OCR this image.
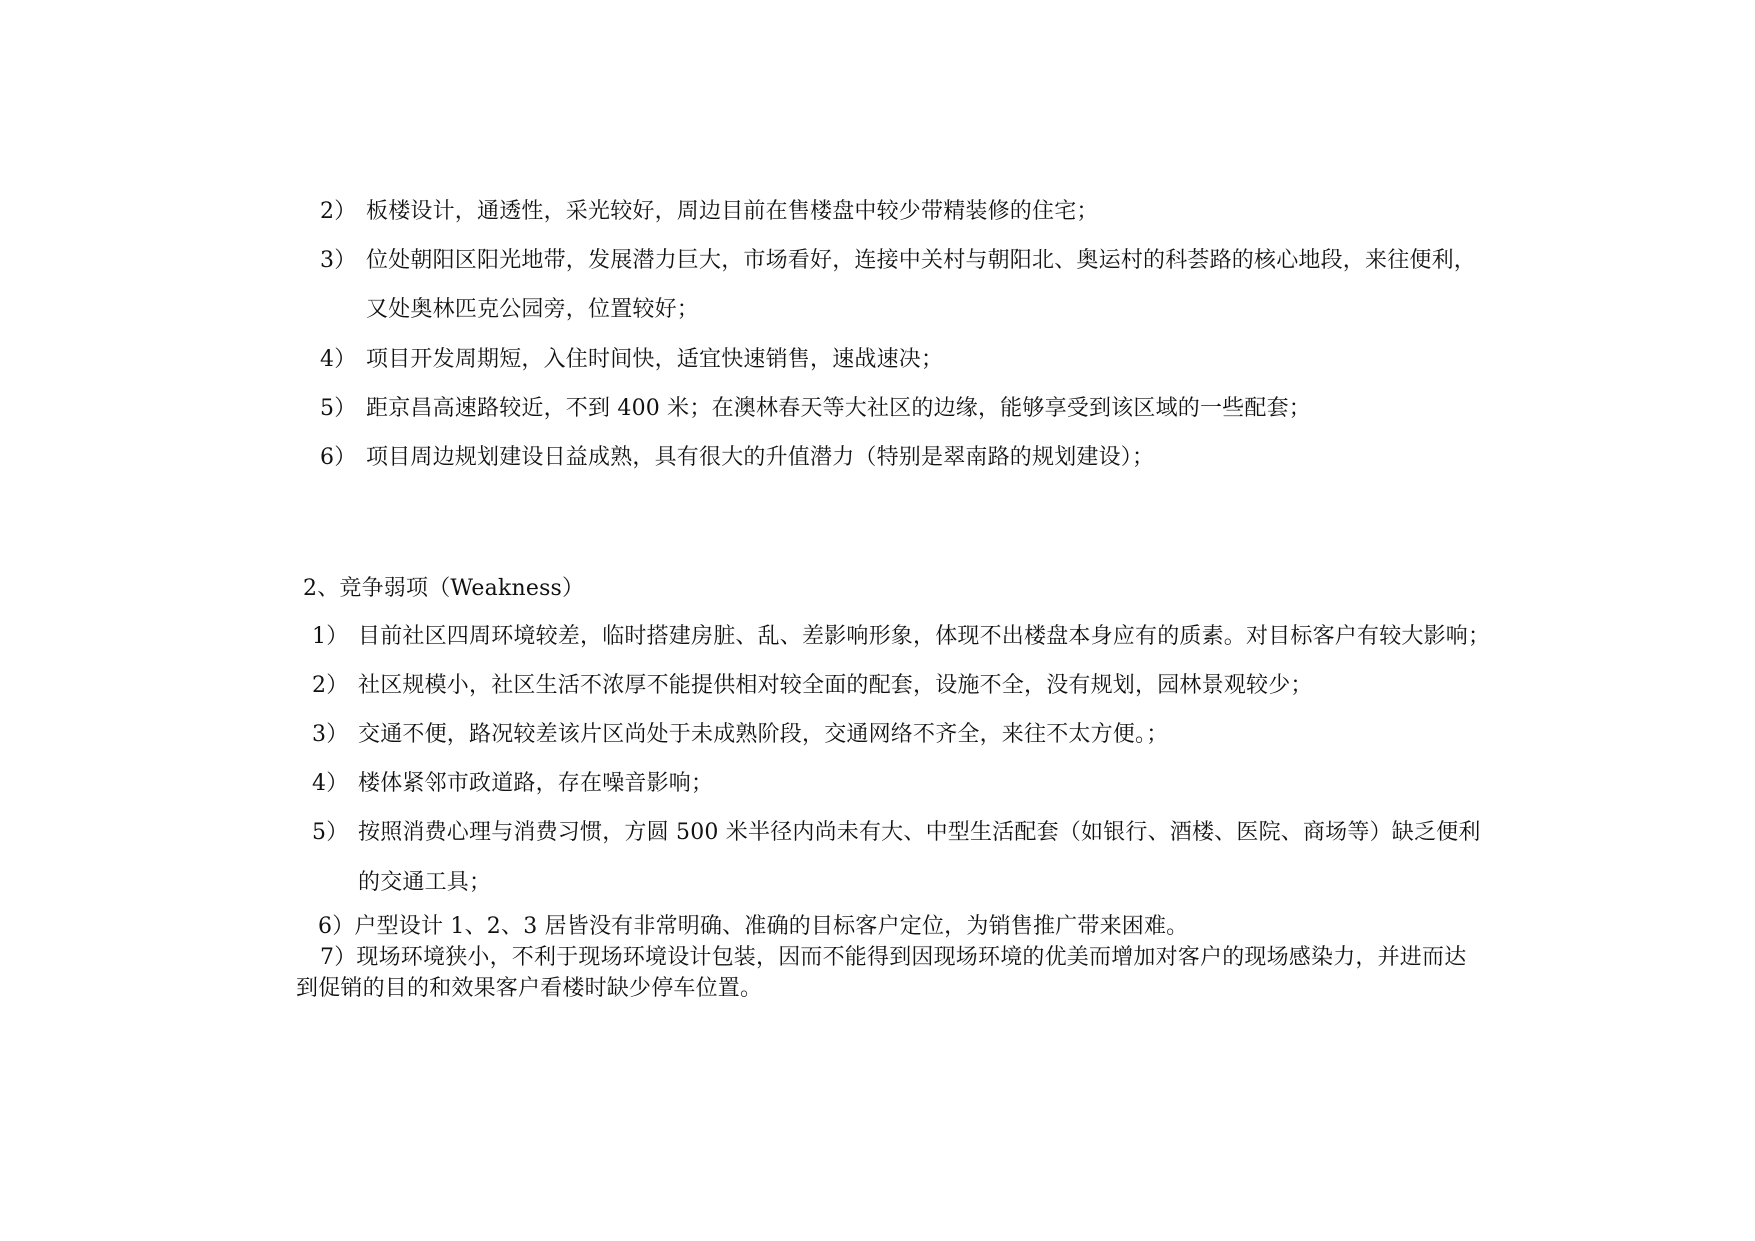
2） 板楼设计，通透性，采光较好，周边目前在售楼盘中较少带精装修的住宅；
3） 位处朝阳区阳光地带，发展潜力巨大，市场看好，连接中关村与朝阳北、奥运村的科荟路的核心地段，来往便利，
又处奥林匹克公园旁，位置较好；
4） 项目开发周期短，入住时间快，适宜快速销售，速战速决；
5） 距京昌高速路较近，不到 400 米；在澳林春天等大社区的边缘，能够享受到该区域的一些配套；
6） 项目周边规划建设日益成熟，具有很大的升值潜力（特别是翠南路的规划建设）；
2、竞争弱项（Weakness）
1） 目前社区四周环境较差，临时搭建房脏、乱、差影响形象，体现不出楼盘本身应有的质素。对目标客户有较大影响；
2） 社区规模小，社区生活不浓厚不能提供相对较全面的配套，设施不全，没有规划，园林景观较少；
3） 交通不便，路况较差该片区尚处于未成熟阶段，交通网络不齐全，来往不太方便。；
4） 楼体紧邻市政道路，存在噪音影响；
5） 按照消费心理与消费习惯，方圆 500 米半径内尚未有大、中型生活配套（如银行、酒楼、医院、商场等）缺乏便利
的交通工具；
6）户型设计 1、2、3 居皆没有非常明确、准确的目标客户定位，为销售推广带来困难。
7）现场环境狭小，不利于现场环境设计包装，因而不能得到因现场环境的优美而增加对客户的现场感染力，并进而达
到促销的目的和效果客户看楼时缺少停车位置。
